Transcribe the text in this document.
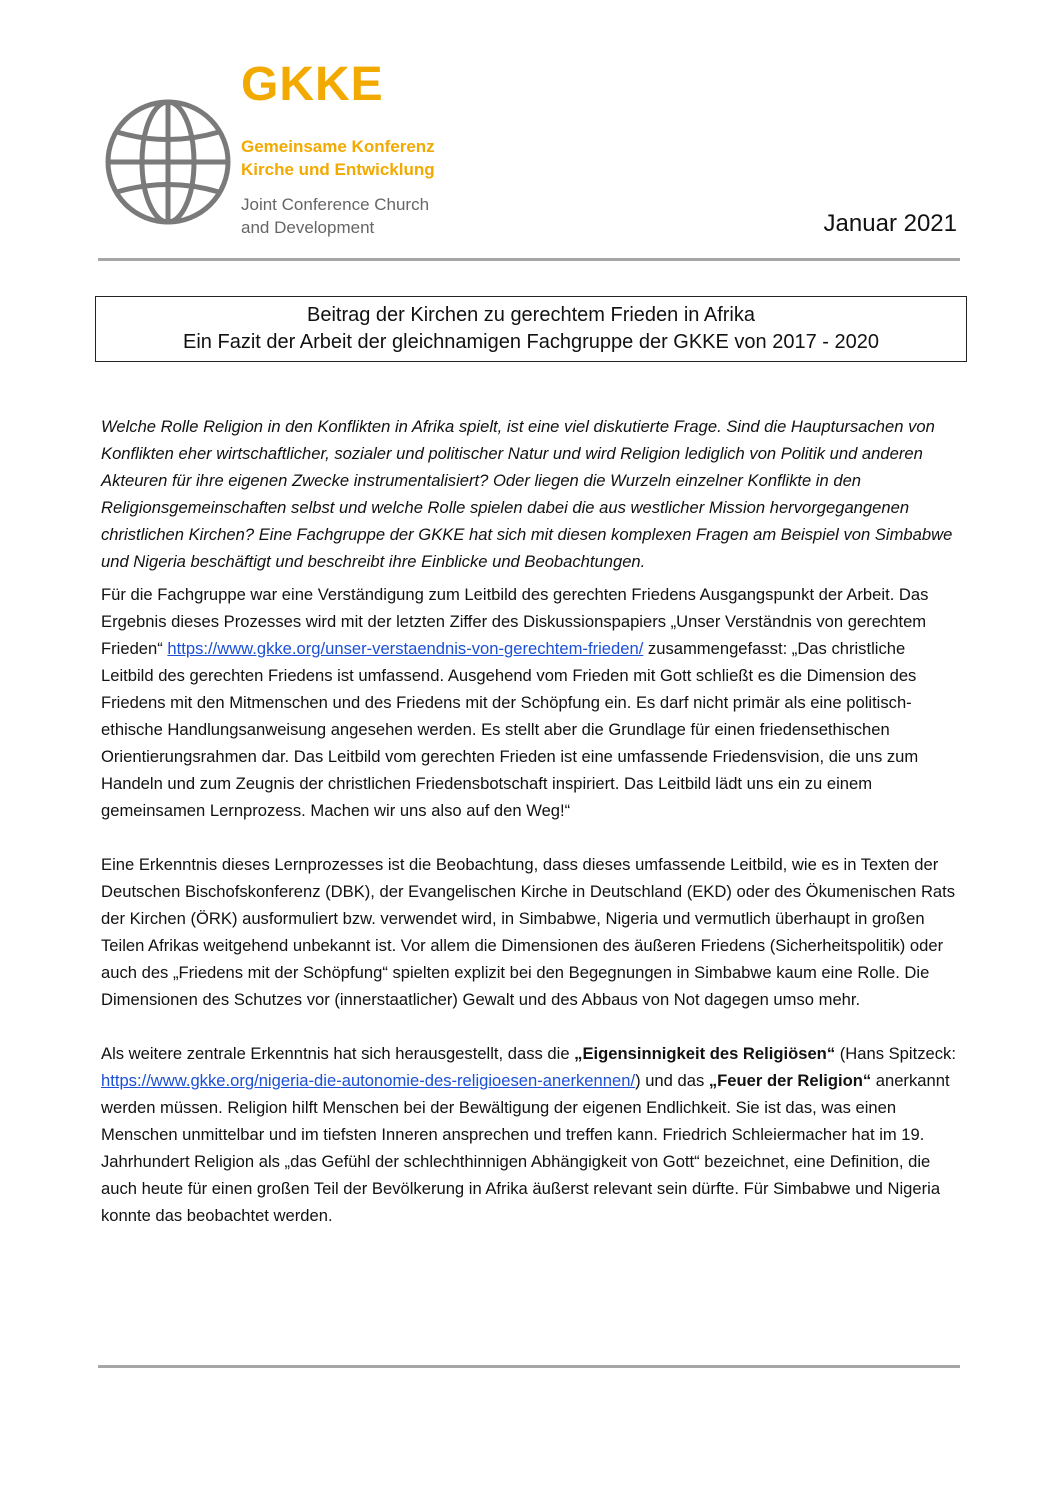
GKKE
Gemeinsame Konferenz
Kirche und Entwicklung
Joint Conference Church
and Development	Januar 2021
Beitrag der Kirchen zu gerechtem Frieden in Afrika
Ein Fazit der Arbeit der gleichnamigen Fachgruppe der GKKE von 2017 - 2020

Welche Rolle Religion in den Konflikten in Afrika spielt, ist eine viel diskutierte Frage. Sind die Hauptursachen von Konflikten eher wirtschaftlicher, sozialer und politischer Natur und wird Religion lediglich von Politik und anderen Akteuren für ihre eigenen Zwecke instrumentalisiert? Oder liegen die Wurzeln einzelner Konflikte in den Religionsgemeinschaften selbst und welche Rolle spielen dabei die aus westlicher Mission hervorgegangenen christlichen Kirchen? Eine Fachgruppe der GKKE hat sich mit diesen komplexen Fragen am Beispiel von Simbabwe und Nigeria beschäftigt und beschreibt ihre Einblicke und Beobachtungen.

Für die Fachgruppe war eine Verständigung zum Leitbild des gerechten Friedens Ausgangspunkt der Arbeit. Das Ergebnis dieses Prozesses wird mit der letzten Ziffer des Diskussionspapiers „Unser Verständnis von gerechtem Frieden“ https://www.gkke.org/unser-verstaendnis-von-gerechtem-frieden/ zusammengefasst: „Das christliche Leitbild des gerechten Friedens ist umfassend. Ausgehend vom Frieden mit Gott schließt es die Dimension des Friedens mit den Mitmenschen und des Friedens mit der Schöpfung ein. Es darf nicht primär als eine politisch-ethische Handlungsanweisung angesehen werden. Es stellt aber die Grundlage für einen friedensethischen Orientierungsrahmen dar. Das Leitbild vom gerechten Frieden ist eine umfassende Friedensvision, die uns zum Handeln und zum Zeugnis der christlichen Friedensbotschaft inspiriert. Das Leitbild lädt uns ein zu einem gemeinsamen Lernprozess. Machen wir uns also auf den Weg!“

Eine Erkenntnis dieses Lernprozesses ist die Beobachtung, dass dieses umfassende Leitbild, wie es in Texten der Deutschen Bischofskonferenz (DBK), der Evangelischen Kirche in Deutschland (EKD) oder des Ökumenischen Rats der Kirchen (ÖRK) ausformuliert bzw. verwendet wird, in Simbabwe, Nigeria und vermutlich überhaupt in großen Teilen Afrikas weitgehend unbekannt ist. Vor allem die Dimensionen des äußeren Friedens (Sicherheitspolitik) oder auch des „Friedens mit der Schöpfung“ spielten explizit bei den Begegnungen in Simbabwe kaum eine Rolle. Die Dimensionen des Schutzes vor (innerstaatlicher) Gewalt und des Abbaus von Not dagegen umso mehr.

Als weitere zentrale Erkenntnis hat sich herausgestellt, dass die „Eigensinnigkeit des Religiösen“ (Hans Spitzeck: https://www.gkke.org/nigeria-die-autonomie-des-religioesen-anerkennen/) und das „Feuer der Religion“ anerkannt werden müssen. Religion hilft Menschen bei der Bewältigung der eigenen Endlichkeit. Sie ist das, was einen Menschen unmittelbar und im tiefsten Inneren ansprechen und treffen kann. Friedrich Schleiermacher hat im 19. Jahrhundert Religion als „das Gefühl der schlechthinnigen Abhängigkeit von Gott“ bezeichnet, eine Definition, die auch heute für einen großen Teil der Bevölkerung in Afrika äußerst relevant sein dürfte. Für Simbabwe und Nigeria konnte das beobachtet werden.
